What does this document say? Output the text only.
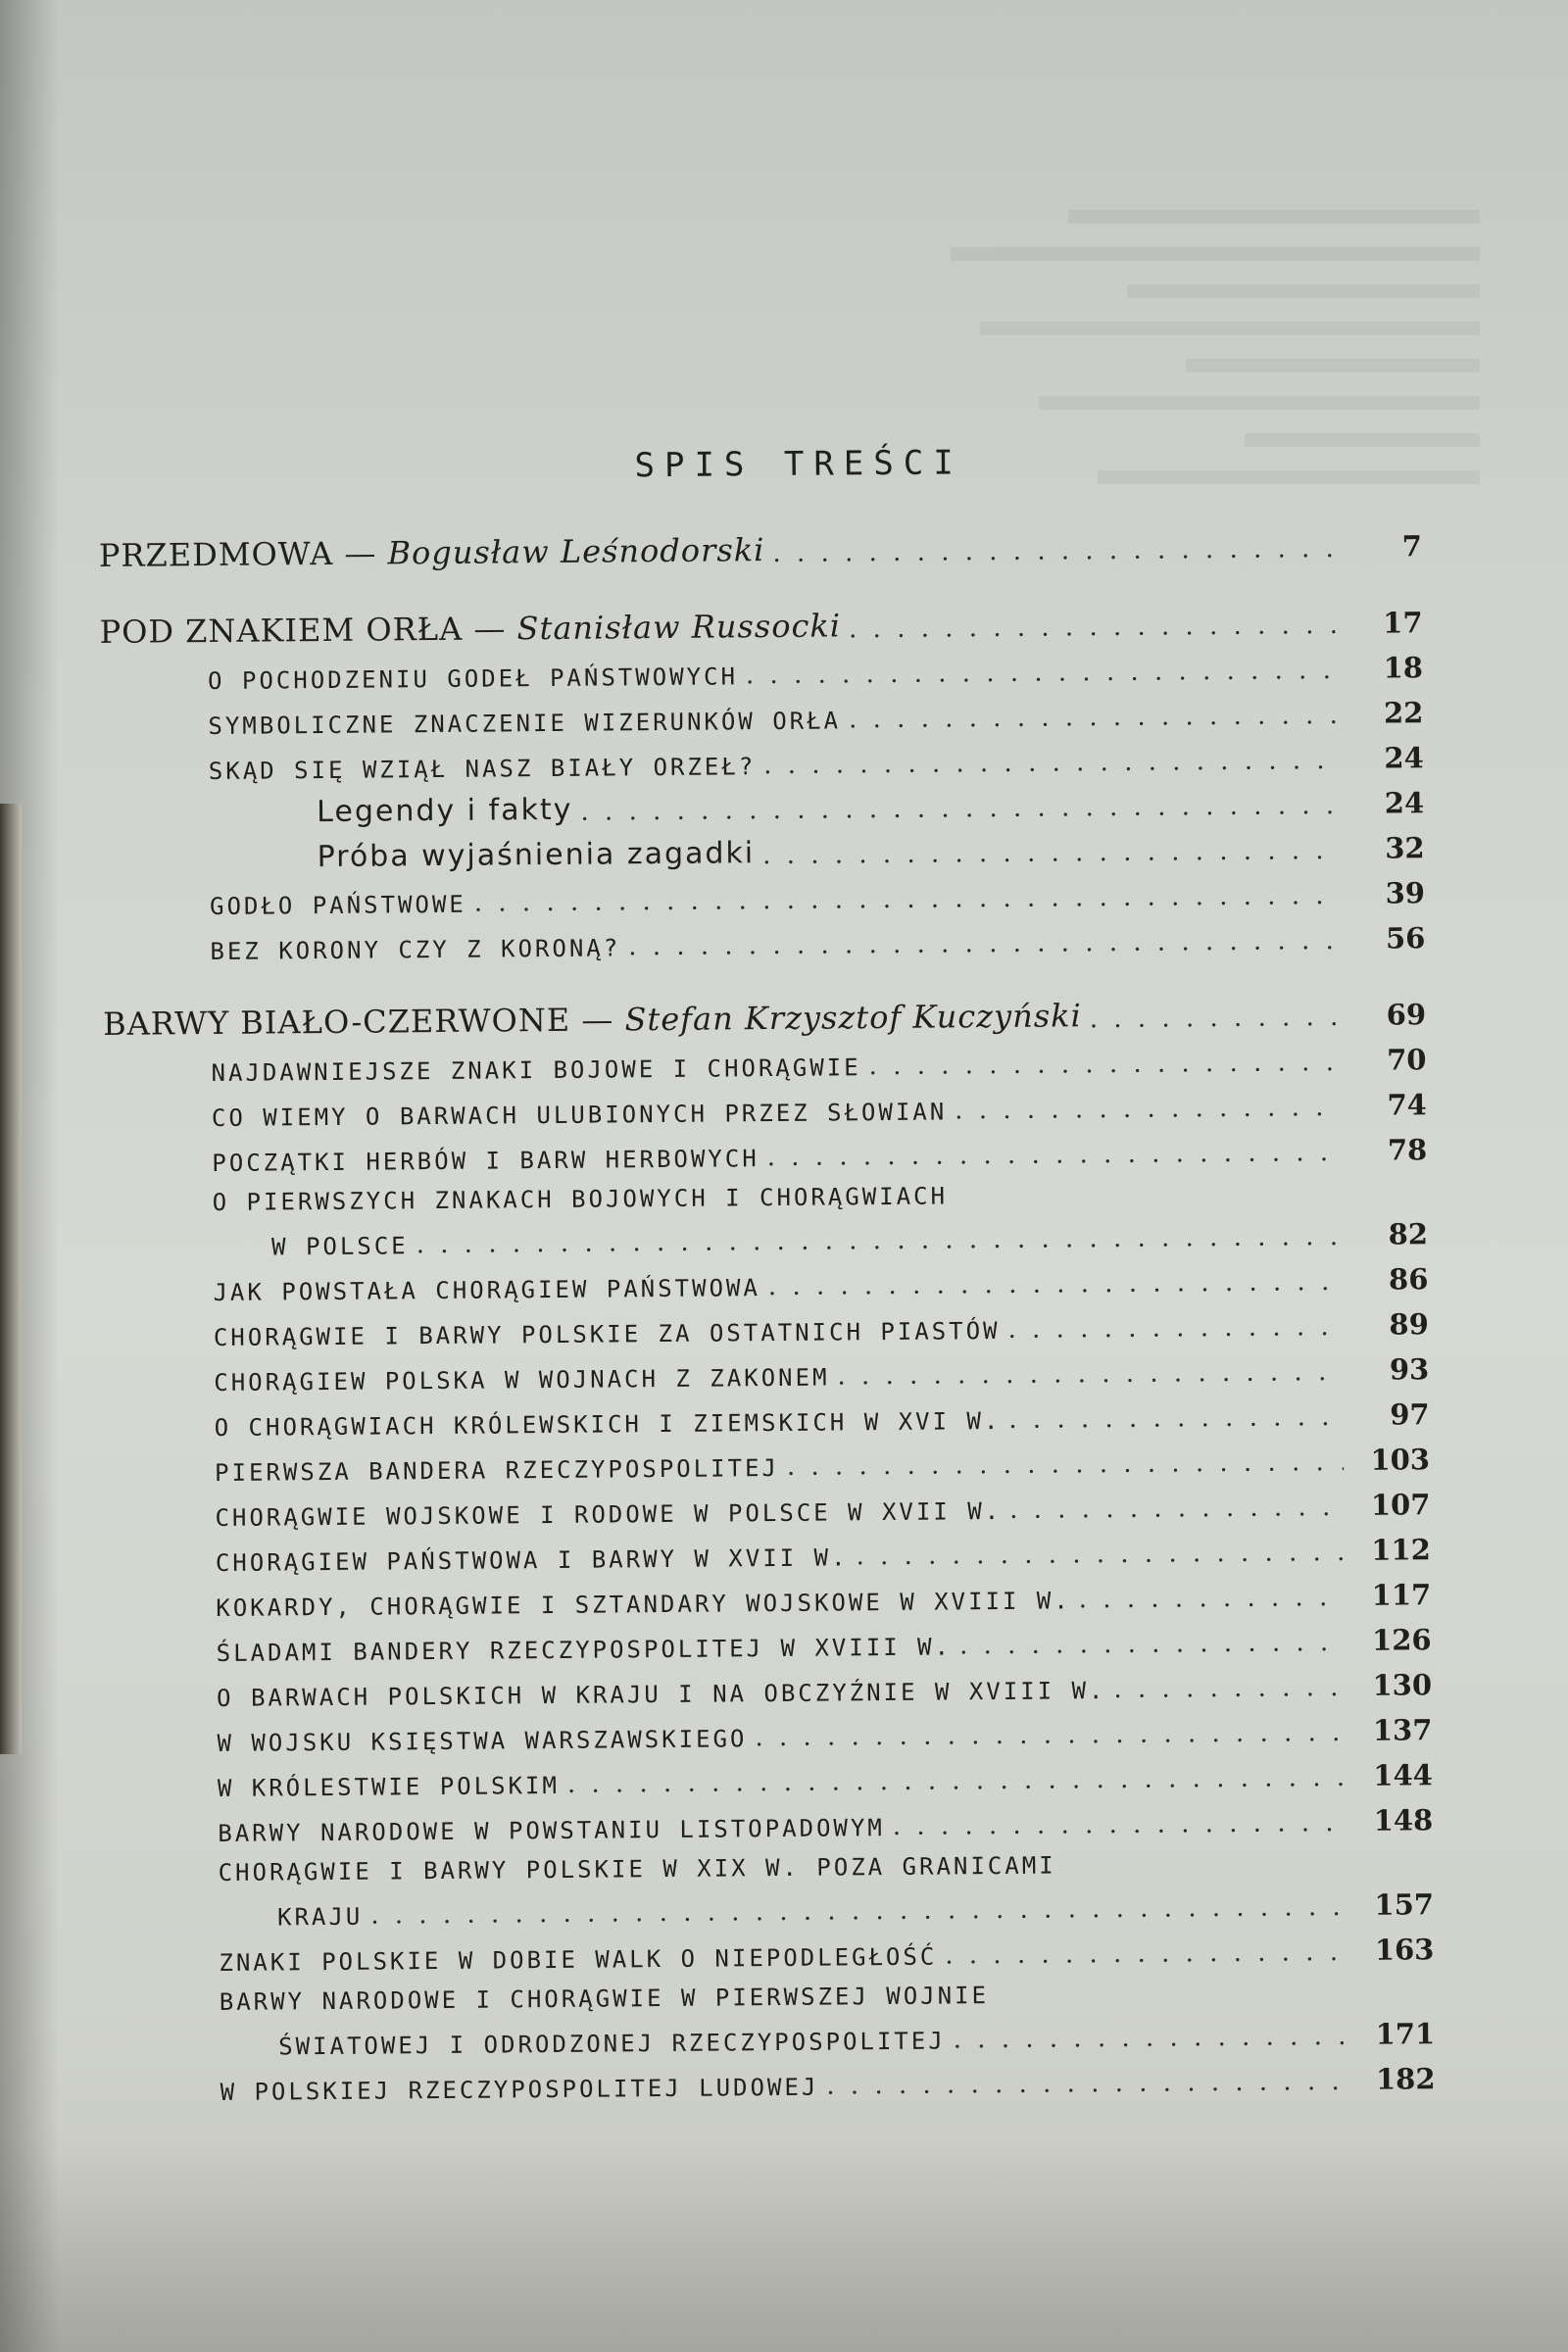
SPIS TREŚCI
PRZEDMOWA — Bogusław Leśnodorski . . .	7
POD ZNAKIEM ORŁA — Stanisław Russocki . . .	17
O POCHODZENIU GODEŁ PAŃSTWOWYCH . . .	18
SYMBOLICZNE ZNACZENIE WIZERUNKÓW ORŁA . . .	22
SKĄD SIĘ WZIĄŁ NASZ BIAŁY ORZEŁ? . . .	24
Legendy i fakty . . .	24
Próba wyjaśnienia zagadki . . .	32
GODŁO PAŃSTWOWE . . .	39
BEZ KORONY CZY Z KORONĄ? . . .	56
BARWY BIAŁO-CZERWONE — Stefan Krzysztof Kuczyński . . .	69
NAJDAWNIEJSZE ZNAKI BOJOWE I CHORĄGWIE . . .	70
CO WIEMY O BARWACH ULUBIONYCH PRZEZ SŁOWIAN . . .	74
POCZĄTKI HERBÓW I BARW HERBOWYCH . . .	78
O PIERWSZYCH ZNAKACH BOJOWYCH I CHORĄGWIACH
W POLSCE . . .	82
JAK POWSTAŁA CHORĄGIEW PAŃSTWOWA . . .	86
CHORĄGWIE I BARWY POLSKIE ZA OSTATNICH PIASTÓW . . .	89
CHORĄGIEW POLSKA W WOJNACH Z ZAKONEM . . .	93
O CHORĄGWIACH KRÓLEWSKICH I ZIEMSKICH W XVI W. . . .	97
PIERWSZA BANDERA RZECZYPOSPOLITEJ . . .	103
CHORĄGWIE WOJSKOWE I RODOWE W POLSCE W XVII W. . . .	107
CHORĄGIEW PAŃSTWOWA I BARWY W XVII W. . . .	112
KOKARDY, CHORĄGWIE I SZTANDARY WOJSKOWE W XVIII W. . . .	117
ŚLADAMI BANDERY RZECZYPOSPOLITEJ W XVIII W. . . .	126
O BARWACH POLSKICH W KRAJU I NA OBCZYŹNIE W XVIII W. . . .	130
W WOJSKU KSIĘSTWA WARSZAWSKIEGO . . .	137
W KRÓLESTWIE POLSKIM . . .	144
BARWY NARODOWE W POWSTANIU LISTOPADOWYM . . .	148
CHORĄGWIE I BARWY POLSKIE W XIX W. POZA GRANICAMI
KRAJU . . .	157
ZNAKI POLSKIE W DOBIE WALK O NIEPODLEGŁOŚĆ . . .	163
BARWY NARODOWE I CHORĄGWIE W PIERWSZEJ WOJNIE
ŚWIATOWEJ I ODRODZONEJ RZECZYPOSPOLITEJ . . .	171
W POLSKIEJ RZECZYPOSPOLITEJ LUDOWEJ . . .	182
